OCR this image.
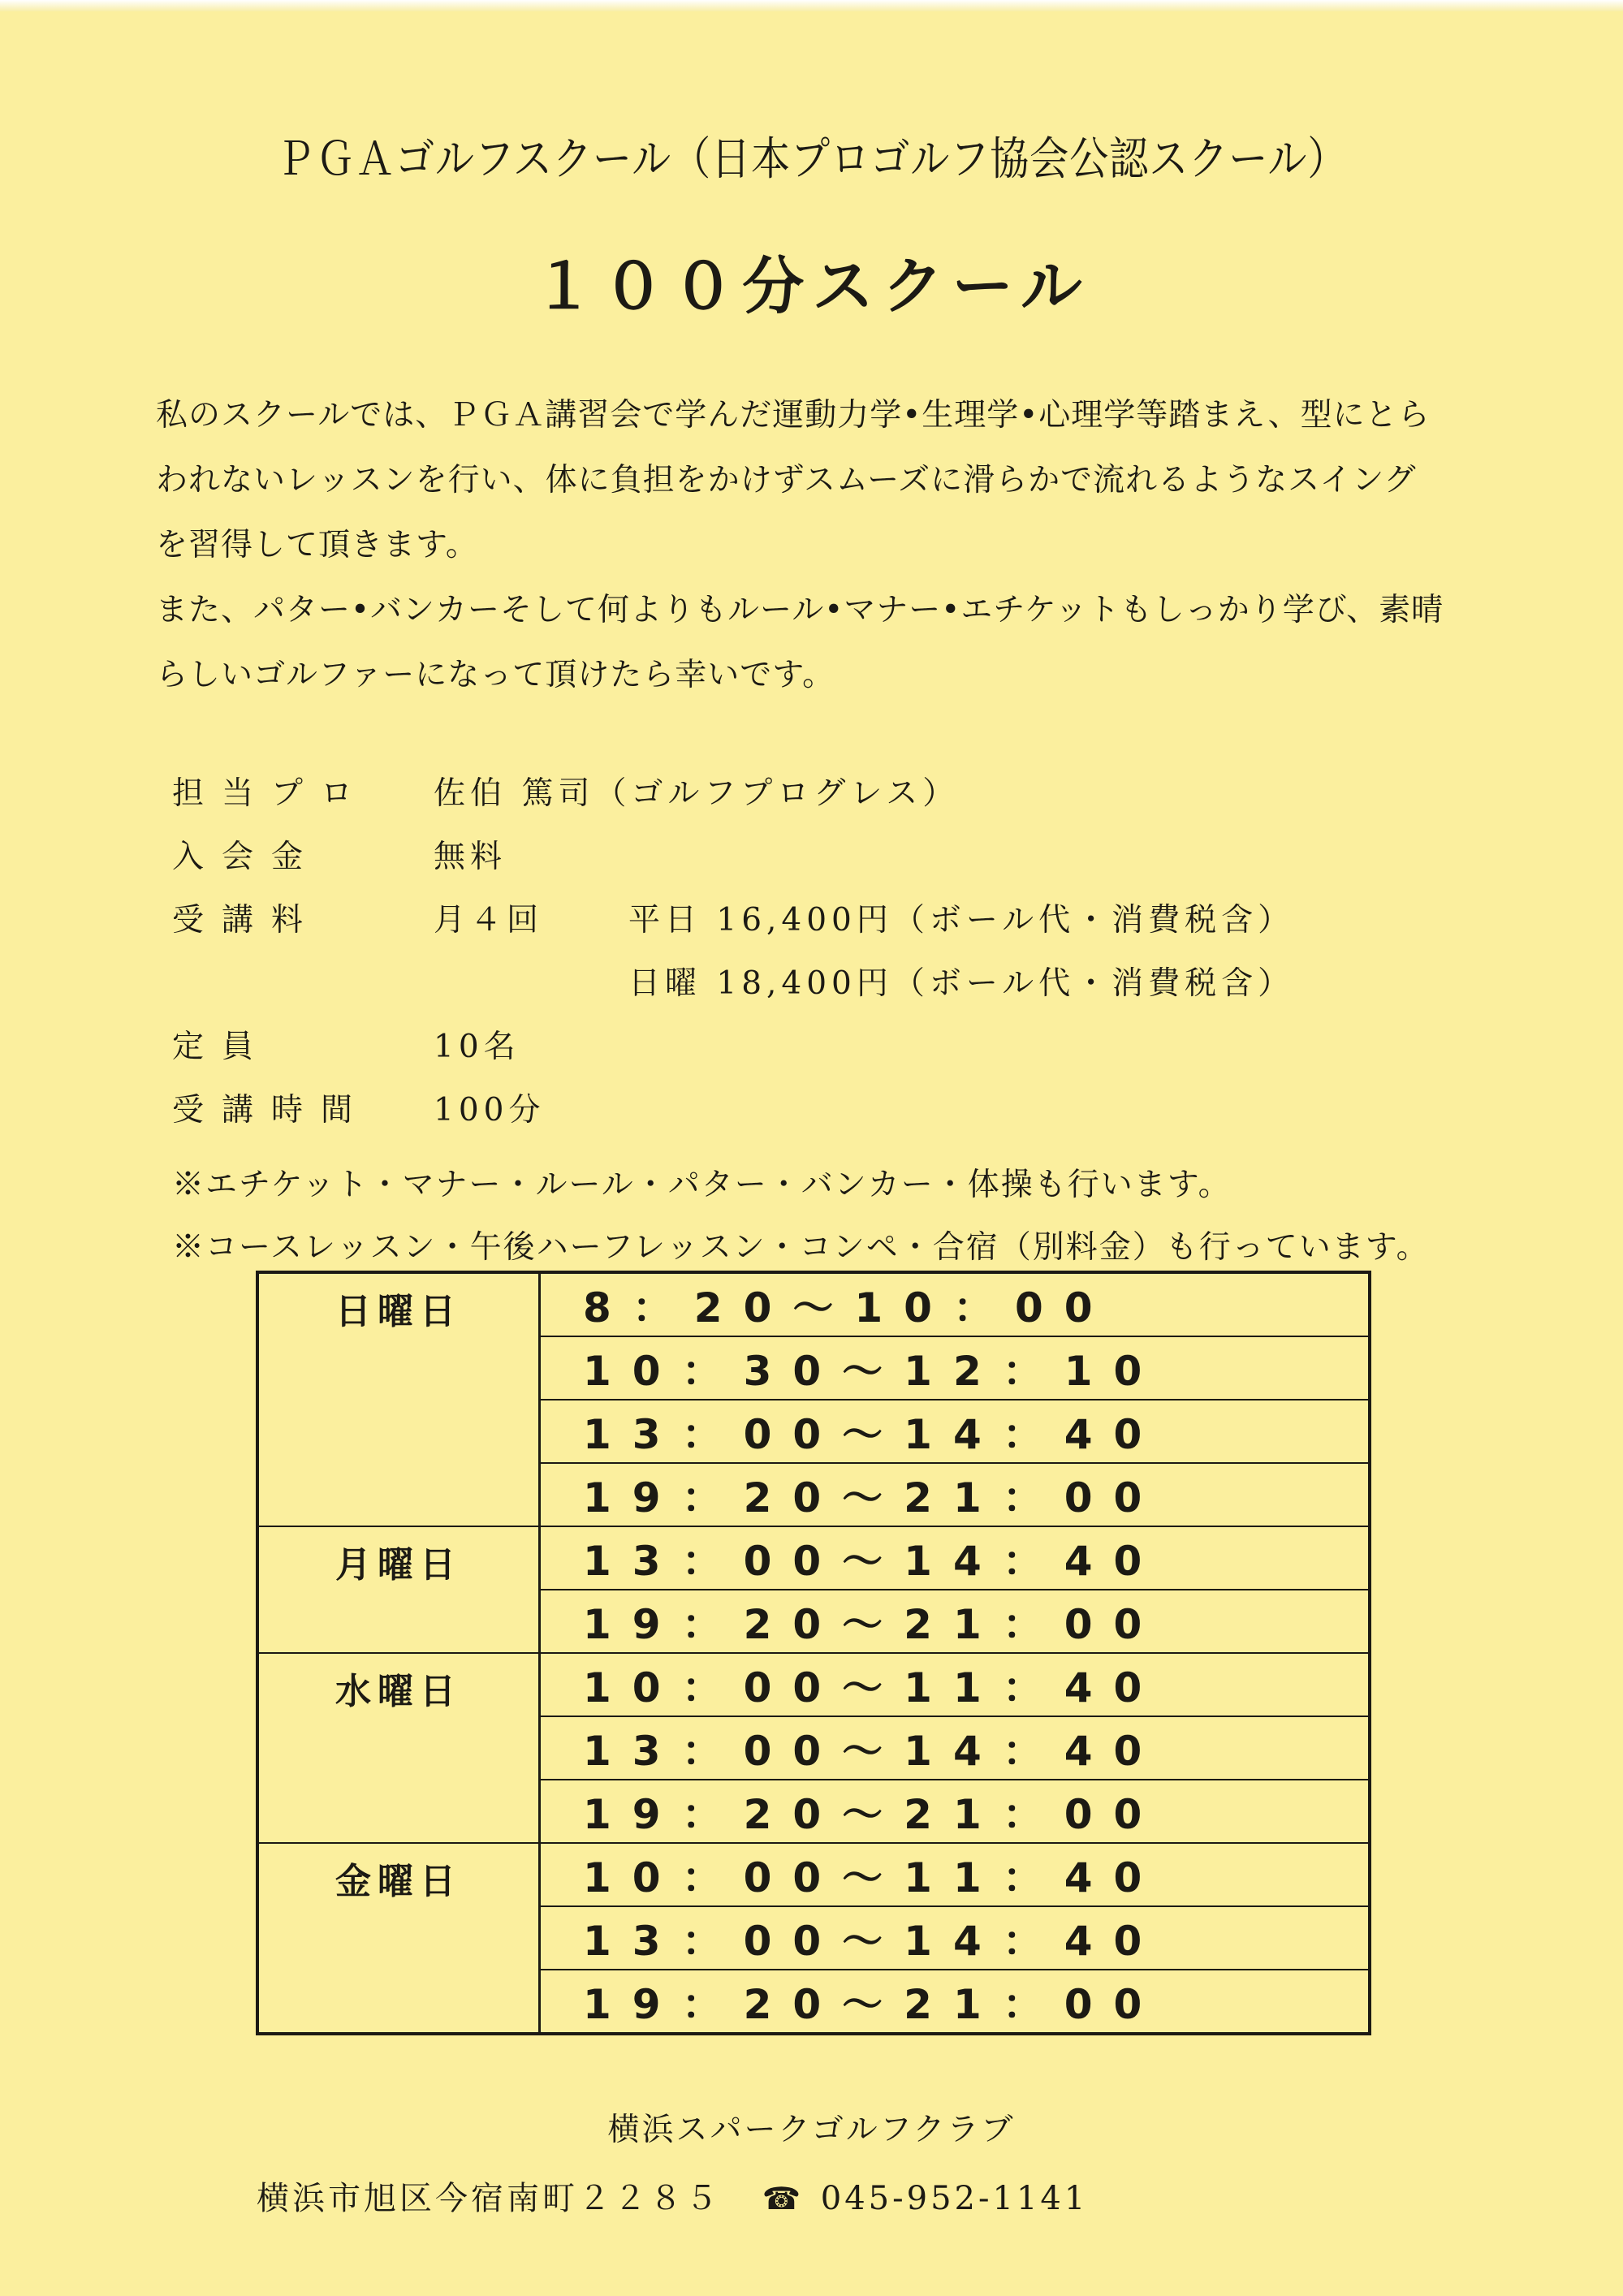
ＰＧＡゴルフスクール（日本プロゴルフ協会公認スクール）
１００分スクール

私のスクールでは、ＰＧＡ講習会で学んだ運動力学•生理学•心理学等踏まえ、型にとら

われないレッスンを行い、体に負担をかけずスムーズに滑らかで流れるようなスイング

を習得して頂きます。

また、パター•バンカーそして何よりもルール•マナー•エチケットもしっかり学び、素晴

らしいゴルファーになって頂けたら幸いです。

担当プロ 佐伯 篤司（ゴルフプログレス）
入会金	無料
受講料	月４回	平日 16,400円（ボール代・消費税含）
日曜 18,400円（ボール代・消費税含）
定員	10名
受講時間 100分
※エチケット・マナー・ルール・パター・バンカー・体操も行います。
※コースレッスン・午後ハーフレッスン・コンペ・合宿（別料金）も行っています。
日曜日	8：20～10：00
	10：30～12：10
	13：00～14：40
	19：20～21：00

月曜日	13：00～14：40
	19：20～21：00

水曜日	10：00～11：40
	13：00～14：40
	19：20～21：00

金曜日	10：00～11：40
	13：00～14：40
	19：20～21：00
横浜スパークゴルフクラブ
横浜市旭区今宿南町２２８５ ☎ 045-952-1141
